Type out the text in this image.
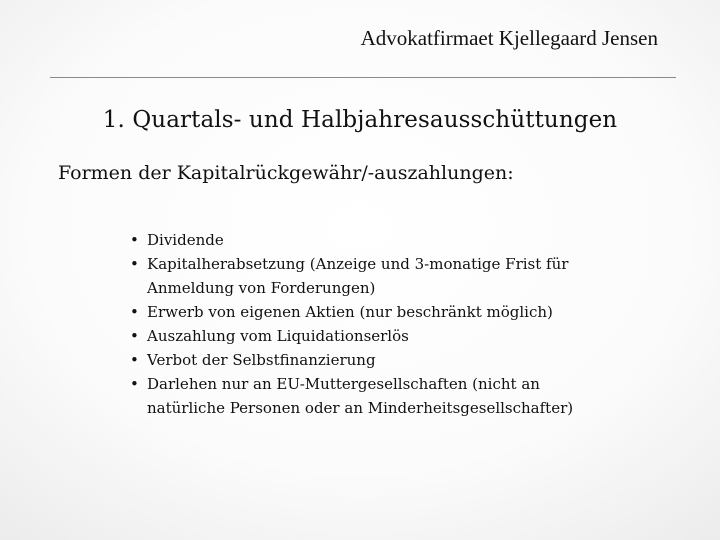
Advokatfirmaet Kjellegaard Jensen
1. Quartals- und Halbjahresausschüttungen
Formen der Kapitalrückgewähr/-auszahlungen:
• Dividende
• Kapitalherabsetzung (Anzeige und 3-monatige Frist für
Anmeldung von Forderungen)
• Erwerb von eigenen Aktien (nur beschränkt möglich)
• Auszahlung vom Liquidationserlös
• Verbot der Selbstfinanzierung
• Darlehen nur an EU-Muttergesellschaften (nicht an
natürliche Personen oder an Minderheitsgesellschafter)
